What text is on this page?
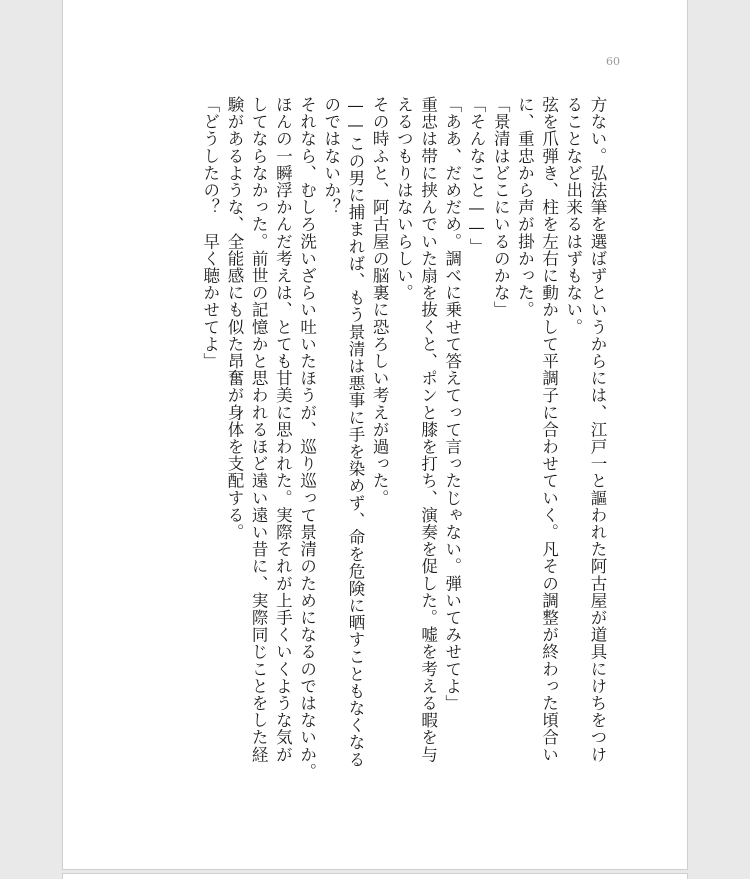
60
方ない。弘法筆を選ばずというからには、江戸一と謳われた阿古屋が道具にけちをつけ
ることなど出来るはずもない。
弦を爪弾き、柱を左右に動かして平調子に合わせていく。凡その調整が終わった頃合い
に、重忠から声が掛かった。
「景清はどこにいるのかな」
「そんなこと——」
「ああ、だめだめ。調べに乗せて答えてって言ったじゃない。弾いてみせてよ」
重忠は帯に挟んでいた扇を抜くと、ポンと膝を打ち、演奏を促した。嘘を考える暇を与
えるつもりはないらしい。
その時ふと、阿古屋の脳裏に恐ろしい考えが過った。
——この男に捕まれば、もう景清は悪事に手を染めず、命を危険に晒すこともなくなる
のではないか？
それなら、むしろ洗いざらい吐いたほうが、巡り巡って景清のためになるのではないか。
ほんの一瞬浮かんだ考えは、とても甘美に思われた。実際それが上手くいくような気が
してならなかった。前世の記憶かと思われるほど遠い遠い昔に、実際同じことをした経
験があるような、全能感にも似た昂奮が身体を支配する。
「どうしたの？　早く聴かせてよ」
